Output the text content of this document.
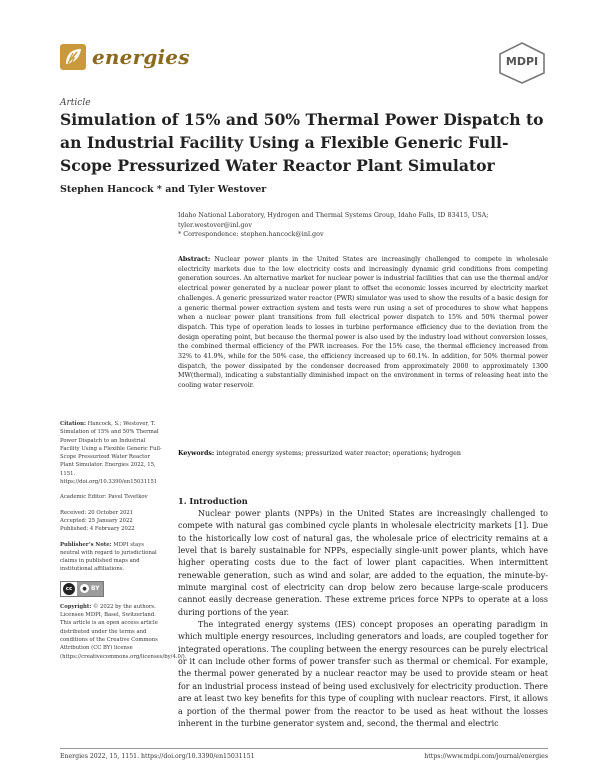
energies	MDPI
Article
Simulation of 15% and 50% Thermal Power Dispatch to an Industrial Facility Using a Flexible Generic Full-Scope Pressurized Water Reactor Plant Simulator
Stephen Hancock * and Tyler Westover
Idaho National Laboratory, Hydrogen and Thermal Systems Group, Idaho Falls, ID 83415, USA;
tyler.westover@inl.gov
* Correspondence: stephen.hancock@inl.gov

Abstract: Nuclear power plants in the United States are increasingly challenged to compete in wholesale electricity markets due to the low electricity costs and increasingly dynamic grid conditions from competing generation sources. An alternative market for nuclear power is industrial facilities that can use the thermal and/or electrical power generated by a nuclear power plant to offset the economic losses incurred by electricity market challenges. A generic pressurized water reactor (PWR) simulator was used to show the results of a basic design for a generic thermal power extraction system and tests were run using a set of procedures to show what happens when a nuclear power plant transitions from full electrical power dispatch to 15% and 50% thermal power dispatch. This type of operation leads to losses in turbine performance efficiency due to the deviation from the design operating point, but because the thermal power is also used by the industry load without conversion losses, the combined thermal efficiency of the PWR increases. For the 15% case, the thermal efficiency increased from 32% to 41.9%, while for the 50% case, the efficiency increased up to 60.1%. In addition, for 50% thermal power dispatch, the power dissipated by the condenser decreased from approximately 2000 to approximately 1300 MW(thermal), indicating a substantially diminished impact on the environment in terms of releasing heat into the cooling water reservoir.

Keywords: integrated energy systems; pressurized water reactor; operations; hydrogen

Citation: Hancock, S.; Westover, T. Simulation of 15% and 50% Thermal Power Dispatch to an Industrial Facility Using a Flexible Generic Full-Scope Pressurized Water Reactor Plant Simulator. Energies 2022, 15, 1151. https://doi.org/10.3390/en15031151

Academic Editor: Pavel Tsvetkov

Received: 20 October 2021
Accepted: 25 January 2022

Published: 4 February 2022

Publisher’s Note: MDPI stays neutral with regard to jurisdictional claims in published maps and institutional affiliations.

cc	● BY

Copyright: © 2022 by the authors. Licensee MDPI, Basel, Switzerland. This article is an open access article distributed under the terms and conditions of the Creative Commons Attribution (CC BY) license (https://creativecommons.org/licenses/by/4.0/).

1. Introduction

Nuclear power plants (NPPs) in the United States are increasingly challenged to compete with natural gas combined cycle plants in wholesale electricity markets [1]. Due to the historically low cost of natural gas, the wholesale price of electricity remains at a level that is barely sustainable for NPPs, especially single-unit power plants, which have higher operating costs due to the fact of lower plant capacities. When intermittent renewable generation, such as wind and solar, are added to the equation, the minute-by-minute marginal cost of electricity can drop below zero because large-scale producers cannot easily decrease generation. These extreme prices force NPPs to operate at a loss during portions of the year.

The integrated energy systems (IES) concept proposes an operating paradigm in which multiple energy resources, including generators and loads, are coupled together for integrated operations. The coupling between the energy resources can be purely electrical or it can include other forms of power transfer such as thermal or chemical. For example, the thermal power generated by a nuclear reactor may be used to provide steam or heat for an industrial process instead of being used exclusively for electricity production. There are at least two key benefits for this type of coupling with nuclear reactors. First, it allows a portion of the thermal power from the reactor to be used as heat without the losses inherent in the turbine generator system and, second, the thermal and electric

Energies 2022, 15, 1151. https://doi.org/10.3390/en15031151	https://www.mdpi.com/journal/energies
